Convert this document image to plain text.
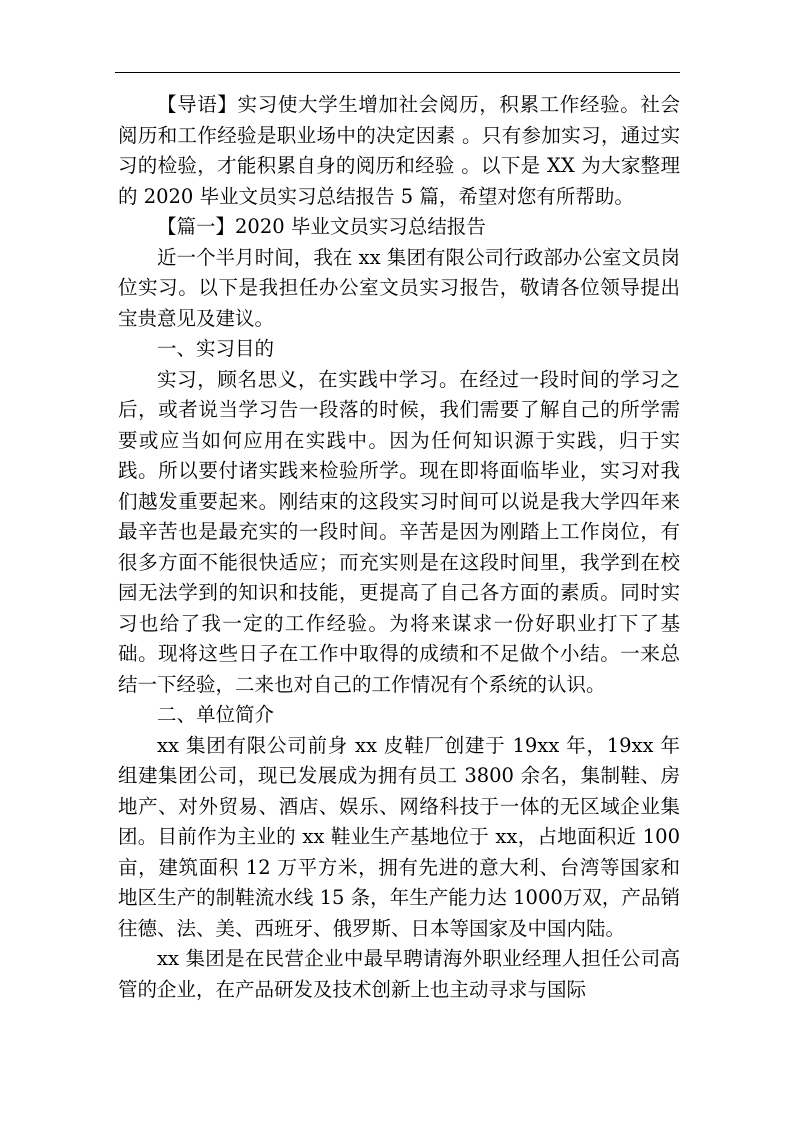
【导语】实习使大学生增加社会阅历，积累工作经验。社会阅历和工作经验是职业场中的决定因素 。只有参加实习，通过实习的检验，才能积累自身的阅历和经验 。以下是 XX 为大家整理的 2020 毕业文员实习总结报告 5 篇，希望对您有所帮助。

【篇一】2020 毕业文员实习总结报告

近一个半月时间，我在 xx 集团有限公司行政部办公室文员岗位实习。以下是我担任办公室文员实习报告，敬请各位领导提出宝贵意见及建议。

一、实习目的

实习，顾名思义，在实践中学习。在经过一段时间的学习之后，或者说当学习告一段落的时候，我们需要了解自己的所学需要或应当如何应用在实践中。因为任何知识源于实践，归于实践。所以要付诸实践来检验所学。现在即将面临毕业，实习对我们越发重要起来。刚结束的这段实习时间可以说是我大学四年来最辛苦也是最充实的一段时间。辛苦是因为刚踏上工作岗位，有很多方面不能很快适应；而充实则是在这段时间里，我学到在校园无法学到的知识和技能，更提高了自己各方面的素质。同时实习也给了我一定的工作经验。为将来谋求一份好职业打下了基础。现将这些日子在工作中取得的成绩和不足做个小结。一来总结一下经验，二来也对自己的工作情况有个系统的认识。

二、单位简介

xx 集团有限公司前身 xx 皮鞋厂创建于 19xx 年，19xx 年组建集团公司，现已发展成为拥有员工 3800 余名，集制鞋、房地产、对外贸易、酒店、娱乐、网络科技于一体的无区域企业集团。目前作为主业的 xx 鞋业生产基地位于 xx，占地面积近 100 亩，建筑面积 12 万平方米，拥有先进的意大利、台湾等国家和地区生产的制鞋流水线 15 条，年生产能力达 1000万双，产品销往德、法、美、西班牙、俄罗斯、日本等国家及中国内陆。

xx 集团是在民营企业中最早聘请海外职业经理人担任公司高管的企业，在产品研发及技术创新上也主动寻求与国际
